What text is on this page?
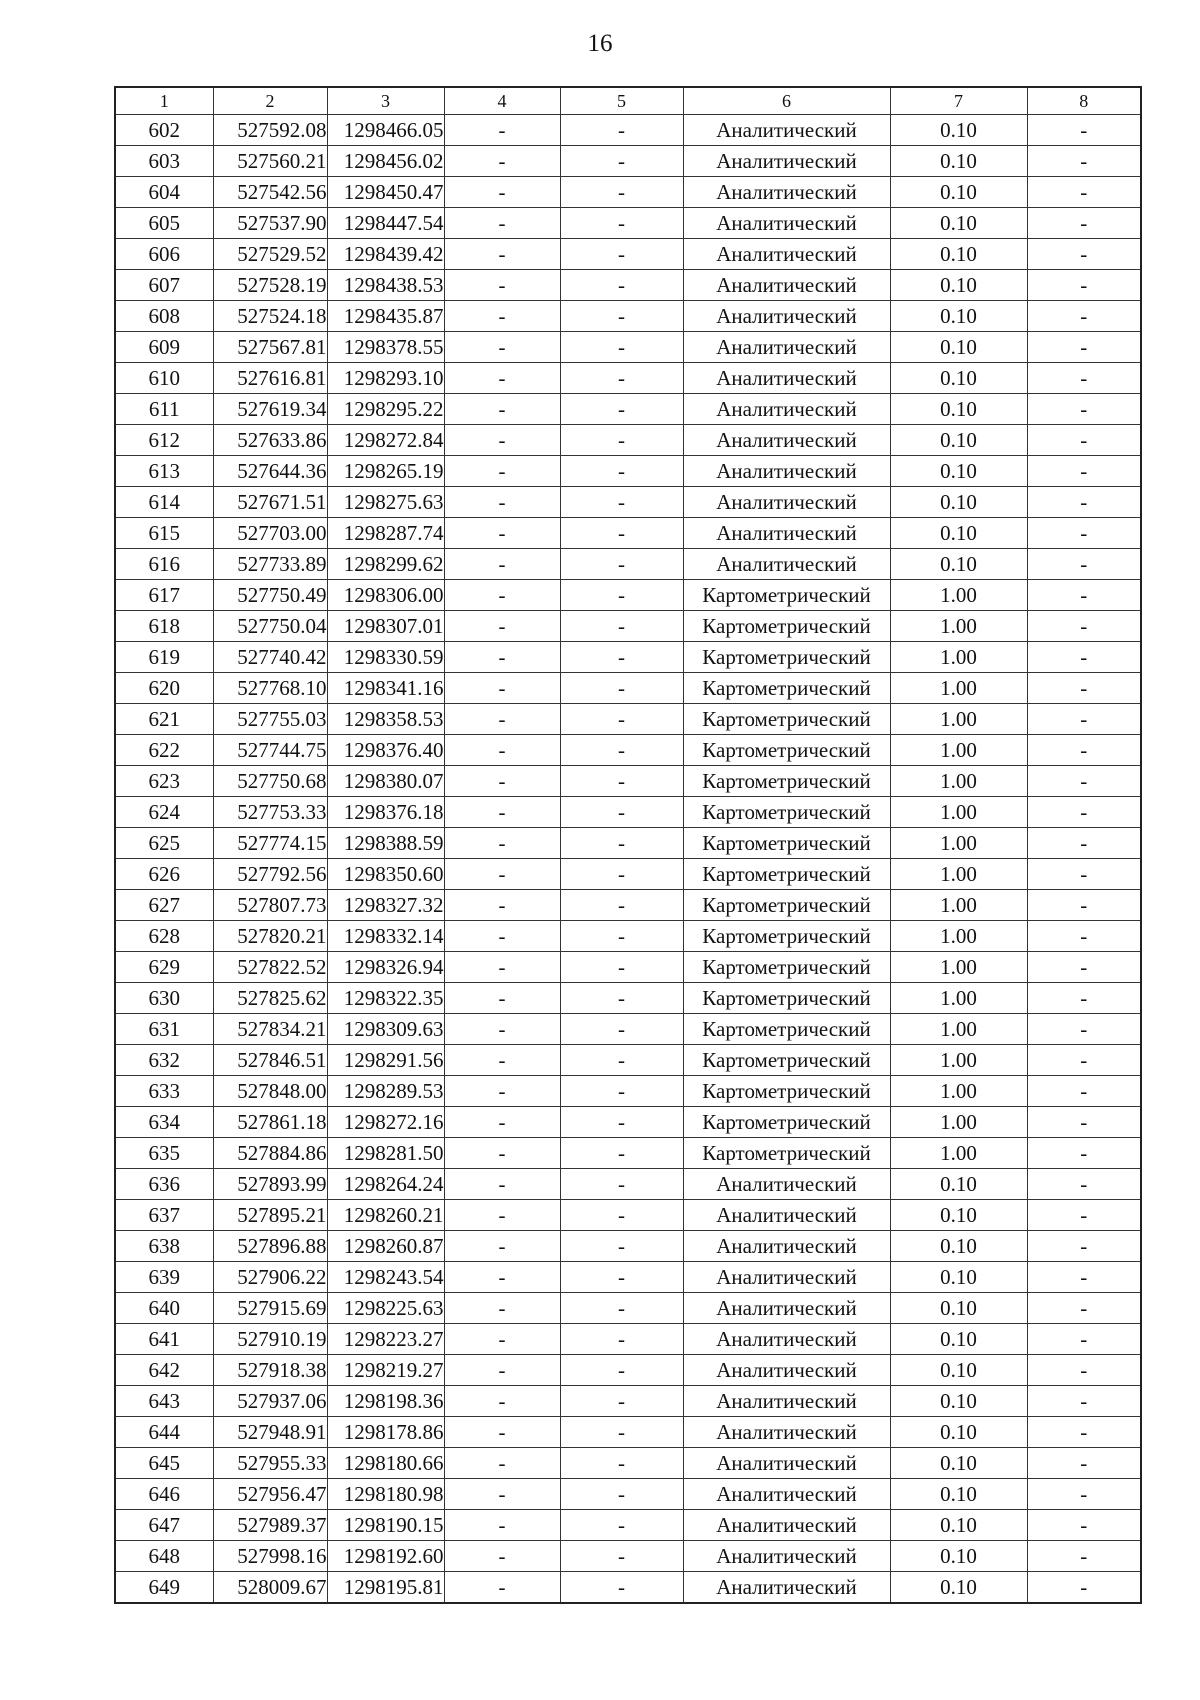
16
1	2	3	4	5	6	7	8
602	527592.08	1298466.05	-	-	Аналитический	0.10	-
603	527560.21	1298456.02	-	-	Аналитический	0.10	-
604	527542.56	1298450.47	-	-	Аналитический	0.10	-
605	527537.90	1298447.54	-	-	Аналитический	0.10	-
606	527529.52	1298439.42	-	-	Аналитический	0.10	-
607	527528.19	1298438.53	-	-	Аналитический	0.10	-
608	527524.18	1298435.87	-	-	Аналитический	0.10	-
609	527567.81	1298378.55	-	-	Аналитический	0.10	-
610	527616.81	1298293.10	-	-	Аналитический	0.10	-
611	527619.34	1298295.22	-	-	Аналитический	0.10	-
612	527633.86	1298272.84	-	-	Аналитический	0.10	-
613	527644.36	1298265.19	-	-	Аналитический	0.10	-
614	527671.51	1298275.63	-	-	Аналитический	0.10	-
615	527703.00	1298287.74	-	-	Аналитический	0.10	-
616	527733.89	1298299.62	-	-	Аналитический	0.10	-
617	527750.49	1298306.00	-	-	Картометрический	1.00	-
618	527750.04	1298307.01	-	-	Картометрический	1.00	-
619	527740.42	1298330.59	-	-	Картометрический	1.00	-
620	527768.10	1298341.16	-	-	Картометрический	1.00	-
621	527755.03	1298358.53	-	-	Картометрический	1.00	-
622	527744.75	1298376.40	-	-	Картометрический	1.00	-
623	527750.68	1298380.07	-	-	Картометрический	1.00	-
624	527753.33	1298376.18	-	-	Картометрический	1.00	-
625	527774.15	1298388.59	-	-	Картометрический	1.00	-
626	527792.56	1298350.60	-	-	Картометрический	1.00	-
627	527807.73	1298327.32	-	-	Картометрический	1.00	-
628	527820.21	1298332.14	-	-	Картометрический	1.00	-
629	527822.52	1298326.94	-	-	Картометрический	1.00	-
630	527825.62	1298322.35	-	-	Картометрический	1.00	-
631	527834.21	1298309.63	-	-	Картометрический	1.00	-
632	527846.51	1298291.56	-	-	Картометрический	1.00	-
633	527848.00	1298289.53	-	-	Картометрический	1.00	-
634	527861.18	1298272.16	-	-	Картометрический	1.00	-
635	527884.86	1298281.50	-	-	Картометрический	1.00	-
636	527893.99	1298264.24	-	-	Аналитический	0.10	-
637	527895.21	1298260.21	-	-	Аналитический	0.10	-
638	527896.88	1298260.87	-	-	Аналитический	0.10	-
639	527906.22	1298243.54	-	-	Аналитический	0.10	-
640	527915.69	1298225.63	-	-	Аналитический	0.10	-
641	527910.19	1298223.27	-	-	Аналитический	0.10	-
642	527918.38	1298219.27	-	-	Аналитический	0.10	-
643	527937.06	1298198.36	-	-	Аналитический	0.10	-
644	527948.91	1298178.86	-	-	Аналитический	0.10	-
645	527955.33	1298180.66	-	-	Аналитический	0.10	-
646	527956.47	1298180.98	-	-	Аналитический	0.10	-
647	527989.37	1298190.15	-	-	Аналитический	0.10	-
648	527998.16	1298192.60	-	-	Аналитический	0.10	-
649	528009.67	1298195.81	-	-	Аналитический	0.10	-
